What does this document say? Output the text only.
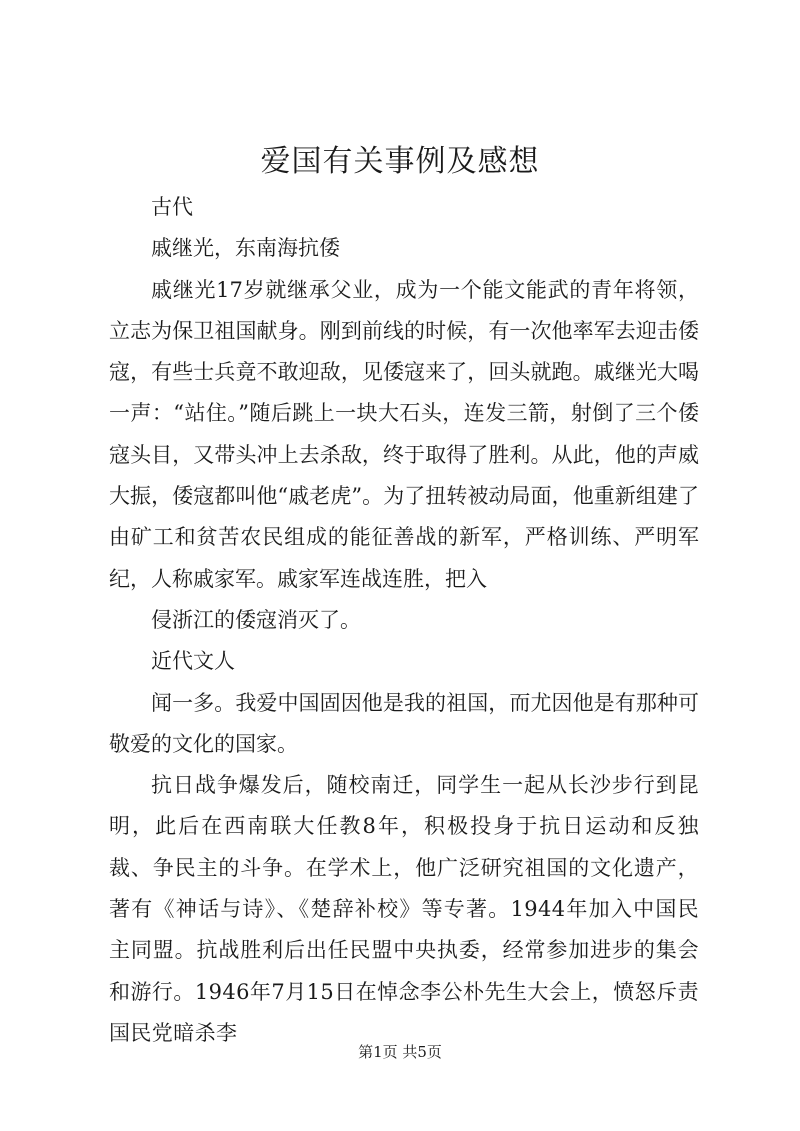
爱国有关事例及感想

古代

戚继光，东南海抗倭

戚继光17岁就继承父业，成为一个能文能武的青年将领，立志为保卫祖国献身。刚到前线的时候，有一次他率军去迎击倭寇，有些士兵竟不敢迎敌，见倭寇来了，回头就跑。戚继光大喝一声：“站住。”随后跳上一块大石头，连发三箭，射倒了三个倭寇头目，又带头冲上去杀敌，终于取得了胜利。从此，他的声威大振，倭寇都叫他“戚老虎”。为了扭转被动局面，他重新组建了由矿工和贫苦农民组成的能征善战的新军，严格训练、严明军纪，人称戚家军。戚家军连战连胜，把入

侵浙江的倭寇消灭了。

近代文人

闻一多。我爱中国固因他是我的祖国，而尤因他是有那种可敬爱的文化的国家。

抗日战争爆发后，随校南迁，同学生一起从长沙步行到昆明，此后在西南联大任教8年，积极投身于抗日运动和反独裁、争民主的斗争。在学术上，他广泛研究祖国的文化遗产，著有《神话与诗》、《楚辞补校》等专著。1944年加入中国民主同盟。抗战胜利后出任民盟中央执委，经常参加进步的集会和游行。1946年7月15日在悼念李公朴先生大会上，愤怒斥责国民党暗杀李

第1页 共5页
